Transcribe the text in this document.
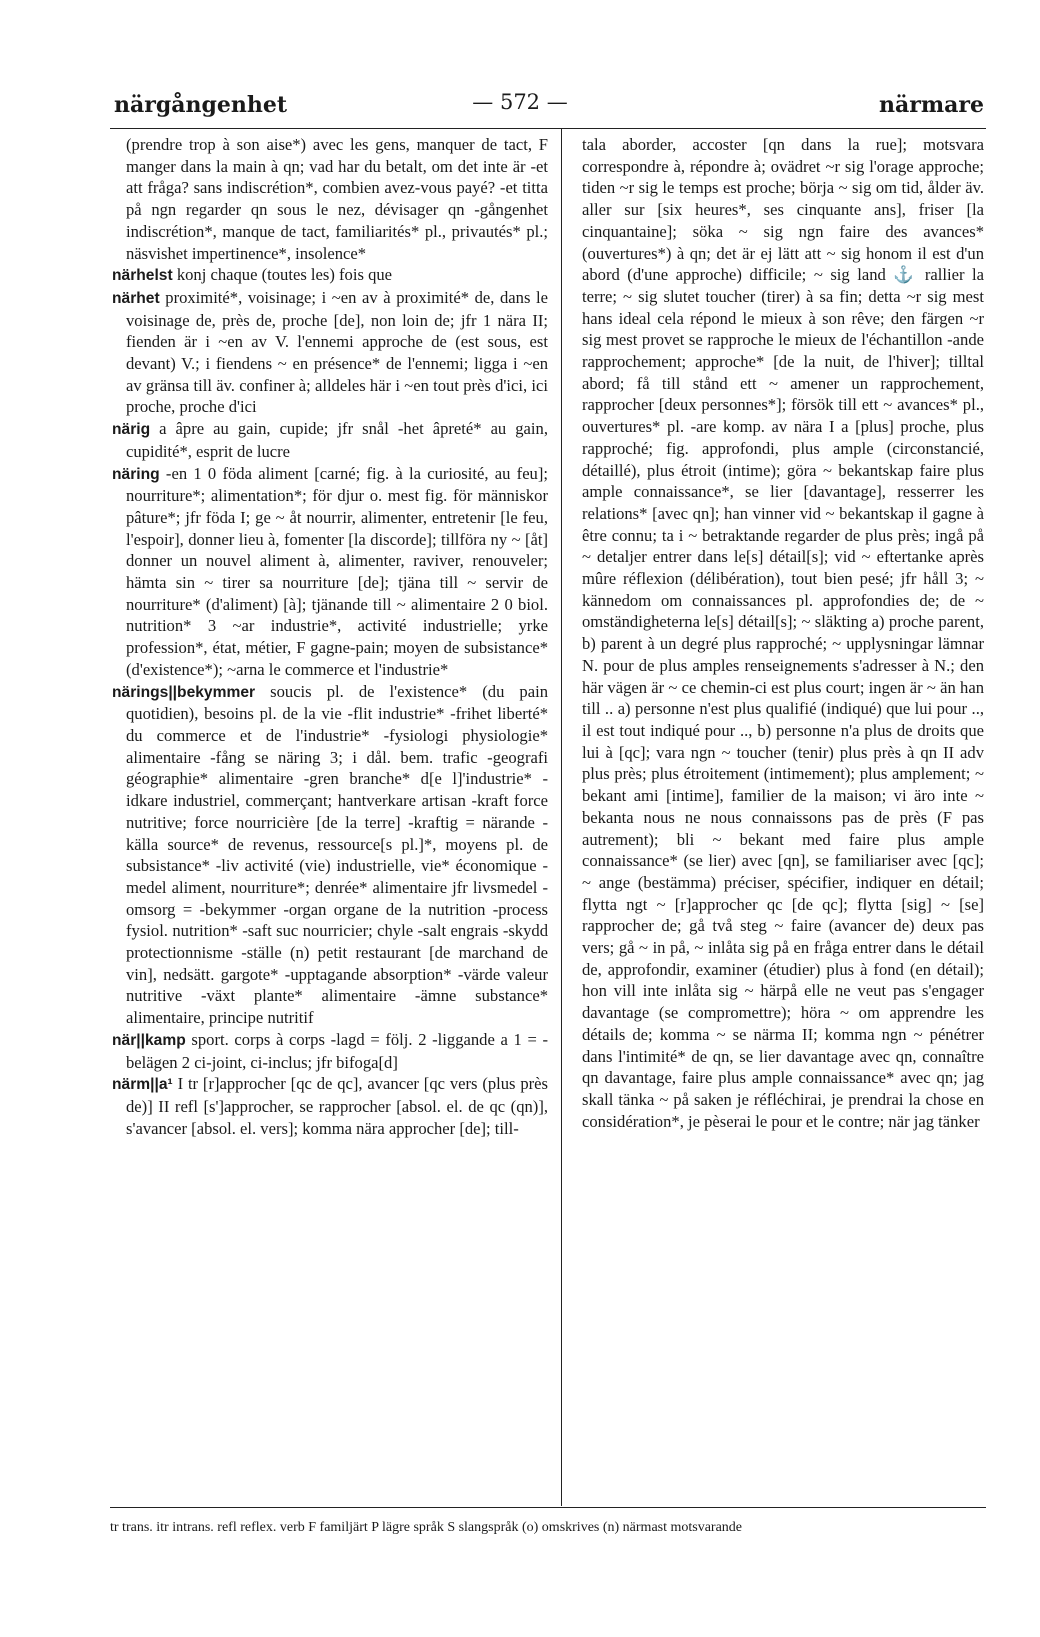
närgångenhet	— 572 —	närmare

(prendre trop à son aise*) avec les gens, manquer de tact, F manger dans la main à qn; vad har du betalt, om det inte är -et att fråga? sans indiscrétion*, combien avez-vous payé? -et titta på ngn regarder qn sous le nez, dévisager qn -gångenhet indiscrétion*, manque de tact, familiarités* pl., privautés* pl.; näsvishet impertinence*, insolence*

närhelst konj chaque (toutes les) fois que

närhet proximité*, voisinage; i ~en av à proximité* de, dans le voisinage de, près de, proche [de], non loin de; jfr 1 nära II; fienden är i ~en av V. l'ennemi approche de (est sous, est devant) V.; i fiendens ~ en présence* de l'ennemi; ligga i ~en av gränsa till äv. confiner à; alldeles här i ~en tout près d'ici, ici proche, proche d'ici

närig a âpre au gain, cupide; jfr snål -het âpreté* au gain, cupidité*, esprit de lucre

näring -en 1 0 föda aliment [carné; fig. à la curiosité, au feu]; nourriture*; alimentation*; för djur o. mest fig. för människor pâture*; jfr föda I; ge ~ åt nourrir, alimenter, entretenir [le feu, l'espoir], donner lieu à, fomenter [la discorde]; tillföra ny ~ [åt] donner un nouvel aliment à, alimenter, raviver, renouveler; hämta sin ~ tirer sa nourriture [de]; tjäna till ~ servir de nourriture* (d'aliment) [à]; tjänande till ~ alimentaire 2 0 biol. nutrition* 3 ~ar industrie*, activité industrielle; yrke profession*, état, métier, F gagne-pain; moyen de subsistance* (d'existence*); ~arna le commerce et l'industrie*

närings||bekymmer soucis pl. de l'existence* (du pain quotidien), besoins pl. de la vie -flit industrie* -frihet liberté* du commerce et de l'industrie* -fysiologi physiologie* alimentaire -fång se näring 3; i dål. bem. trafic -geografi géographie* alimentaire -gren branche* d[e l]'industrie* -idkare industriel, commerçant; hantverkare artisan -kraft force nutritive; force nourricière [de la terre] -kraftig = närande -källa source* de revenus, ressource[s pl.]*, moyens pl. de subsistance* -liv activité (vie) industrielle, vie* économique -medel aliment, nourriture*; denrée* alimentaire jfr livsmedel -omsorg = -bekymmer -organ organe de la nutrition -process fysiol. nutrition* -saft suc nourricier; chyle -salt engrais -skydd protectionnisme -ställe (n) petit restaurant [de marchand de vin], nedsätt. gargote* -upptagande absorption* -värde valeur nutritive -växt plante* alimentaire -ämne substance* alimentaire, principe nutritif

när||kamp sport. corps à corps -lagd = följ. 2 -liggande a 1 = -belägen 2 ci-joint, ci-inclus; jfr bifoga[d]

närm||a¹ I tr [r]approcher [qc de qc], avancer [qc vers (plus près de)] II refl [s']approcher, se rapprocher [absol. el. de qc (qn)], s'avancer [absol. el. vers]; komma nära approcher [de]; till-

tala aborder, accoster [qn dans la rue]; motsvara correspondre à, répondre à; ovädret ~r sig l'orage approche; tiden ~r sig le temps est proche; börja ~ sig om tid, ålder äv. aller sur [six heures*, ses cinquante ans], friser [la cinquantaine]; söka ~ sig ngn faire des avances* (ouvertures*) à qn; det är ej lätt att ~ sig honom il est d'un abord (d'une approche) difficile; ~ sig land ⚓ rallier la terre; ~ sig slutet toucher (tirer) à sa fin; detta ~r sig mest hans ideal cela répond le mieux à son rêve; den färgen ~r sig mest provet se rapproche le mieux de l'échantillon -ande rapprochement; approche* [de la nuit, de l'hiver]; tilltal abord; få till stånd ett ~ amener un rapprochement, rapprocher [deux personnes*]; försök till ett ~ avances* pl., ouvertures* pl. -are komp. av nära I a [plus] proche, plus rapproché; fig. approfondi, plus ample (circonstancié, détaillé), plus étroit (intime); göra ~ bekantskap faire plus ample connaissance*, se lier [davantage], resserrer les relations* [avec qn]; han vinner vid ~ bekantskap il gagne à être connu; ta i ~ betraktande regarder de plus près; ingå på ~ detaljer entrer dans le[s] détail[s]; vid ~ eftertanke après mûre réflexion (délibération), tout bien pesé; jfr håll 3; ~ kännedom om connaissances pl. approfondies de; de ~ omständigheterna le[s] détail[s]; ~ släkting a) proche parent, b) parent à un degré plus rapproché; ~ upplysningar lämnar N. pour de plus amples renseignements s'adresser à N.; den här vägen är ~ ce chemin-ci est plus court; ingen är ~ än han till .. a) personne n'est plus qualifié (indiqué) que lui pour .., il est tout indiqué pour .., b) personne n'a plus de droits que lui à [qc]; vara ngn ~ toucher (tenir) plus près à qn II adv plus près; plus étroitement (intimement); plus amplement; ~ bekant ami [intime], familier de la maison; vi äro inte ~ bekanta nous ne nous connaissons pas de près (F pas autrement); bli ~ bekant med faire plus ample connaissance* (se lier) avec [qn], se familiariser avec [qc]; ~ ange (bestämma) préciser, spécifier, indiquer en détail; flytta ngt ~ [r]approcher qc [de qc]; flytta [sig] ~ [se] rapprocher de; gå två steg ~ faire (avancer de) deux pas vers; gå ~ in på, ~ inlåta sig på en fråga entrer dans le détail de, approfondir, examiner (étudier) plus à fond (en détail); hon vill inte inlåta sig ~ härpå elle ne veut pas s'engager davantage (se compromettre); höra ~ om apprendre les détails de; komma ~ se närma II; komma ngn ~ pénétrer dans l'intimité* de qn, se lier davantage avec qn, connaître qn davantage, faire plus ample connaissance* avec qn; jag skall tänka ~ på saken je réfléchirai, je prendrai la chose en considération*, je pèserai le pour et le contre; när jag tänker

tr trans. itr intrans. refl reflex. verb F familjärt P lägre språk S slangspråk (o) omskrives (n) närmast motsvarande
